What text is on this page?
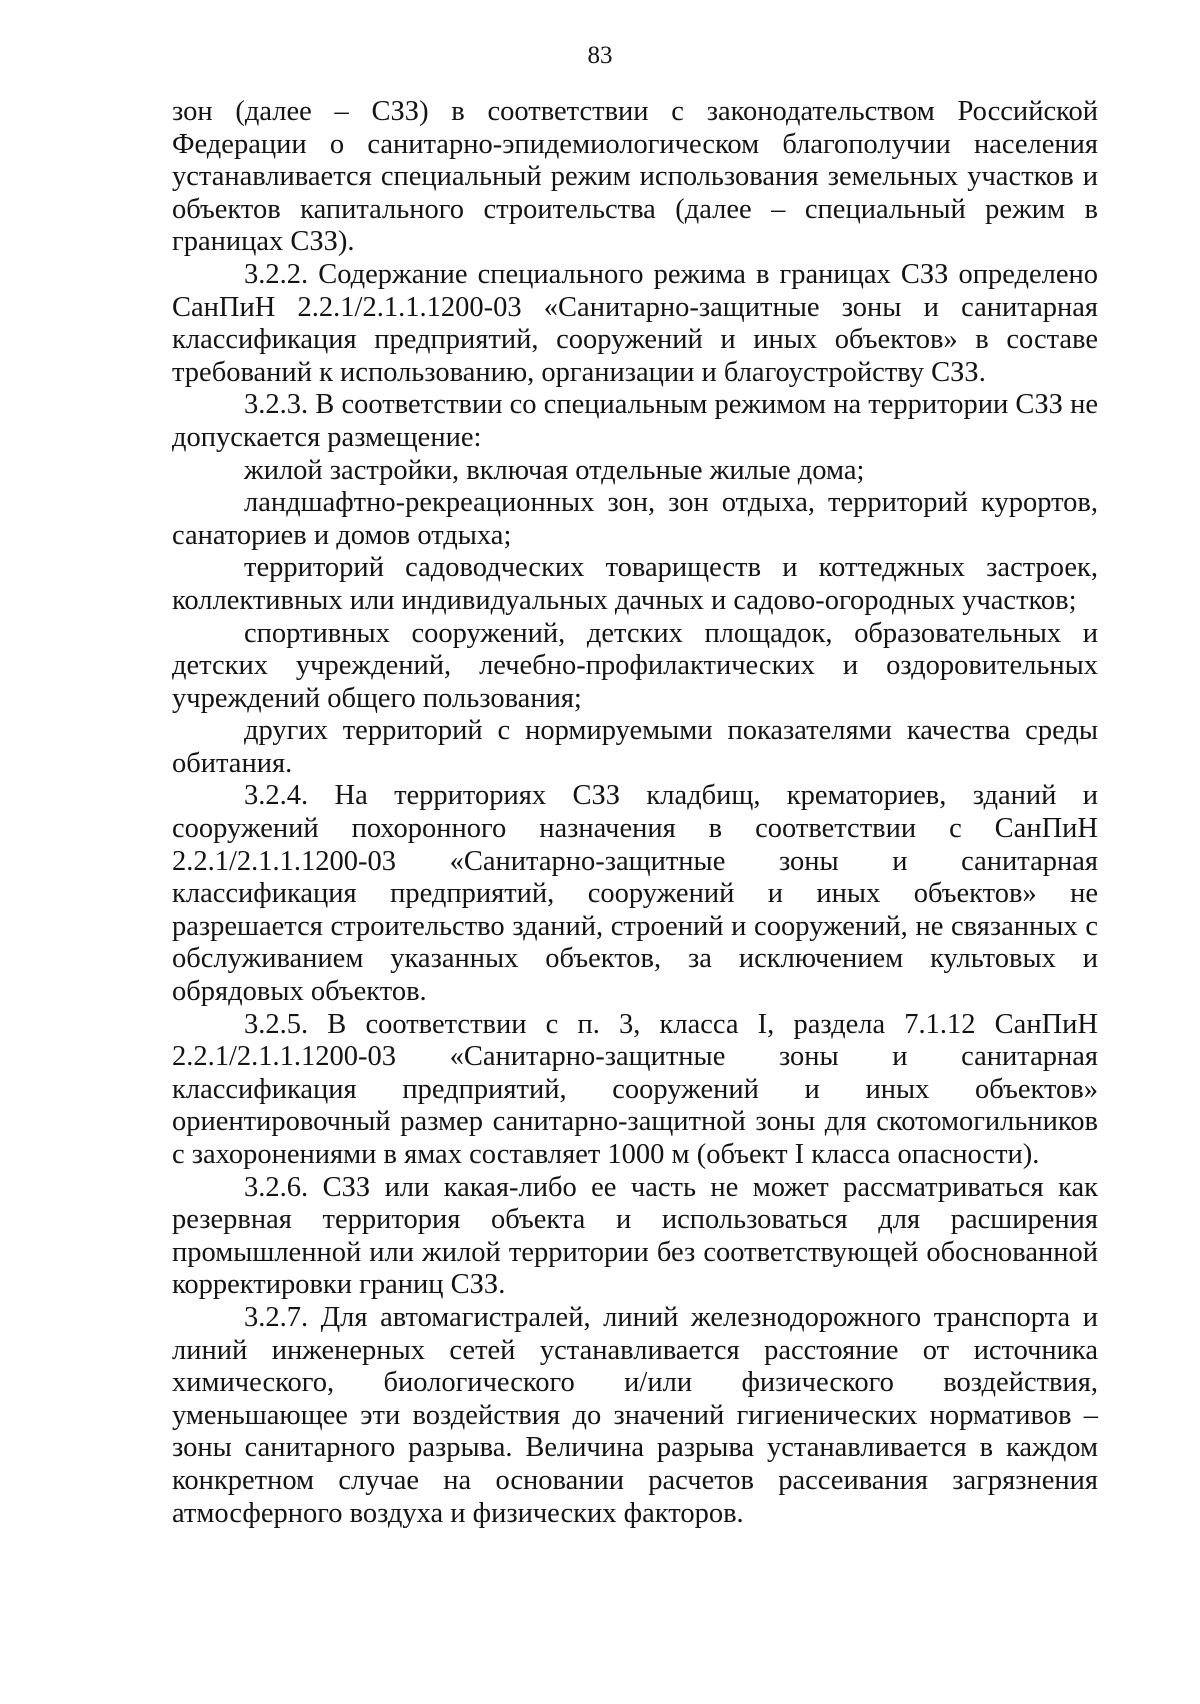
83

зон (далее – СЗЗ) в соответствии с законодательством Российской Федерации о санитарно-эпидемиологическом благополучии населения устанавливается специальный режим использования земельных участков и объектов капитального строительства (далее – специальный режим в границах СЗЗ).

3.2.2. Содержание специального режима в границах СЗЗ определено СанПиН 2.2.1/2.1.1.1200-03 «Санитарно-защитные зоны и санитарная классификация предприятий, сооружений и иных объектов» в составе требований к использованию, организации и благоустройству СЗЗ.

3.2.3. В соответствии со специальным режимом на территории СЗЗ не допускается размещение:

жилой застройки, включая отдельные жилые дома;

ландшафтно-рекреационных зон, зон отдыха, территорий курортов, санаториев и домов отдыха;

территорий садоводческих товариществ и коттеджных застроек, коллективных или индивидуальных дачных и садово-огородных участков;

спортивных сооружений, детских площадок, образовательных и детских учреждений, лечебно-профилактических и оздоровительных учреждений общего пользования;

других территорий с нормируемыми показателями качества среды обитания.

3.2.4. На территориях СЗЗ кладбищ, крематориев, зданий и сооружений похоронного назначения в соответствии с СанПиН 2.2.1/2.1.1.1200-03 «Санитарно-защитные зоны и санитарная классификация предприятий, сооружений и иных объектов» не разрешается строительство зданий, строений и сооружений, не связанных с обслуживанием указанных объектов, за исключением культовых и обрядовых объектов.

3.2.5. В соответствии с п. 3, класса I, раздела 7.1.12 СанПиН 2.2.1/2.1.1.1200-03 «Санитарно-защитные зоны и санитарная классификация предприятий, сооружений и иных объектов» ориентировочный размер санитарно-защитной зоны для скотомогильников с захоронениями в ямах составляет 1000 м (объект I класса опасности).

3.2.6. СЗЗ или какая-либо ее часть не может рассматриваться как резервная территория объекта и использоваться для расширения промышленной или жилой территории без соответствующей обоснованной корректировки границ СЗЗ.

3.2.7. Для автомагистралей, линий железнодорожного транспорта и линий инженерных сетей устанавливается расстояние от источника химического, биологического и/или физического воздействия, уменьшающее эти воздействия до значений гигиенических нормативов – зоны санитарного разрыва. Величина разрыва устанавливается в каждом конкретном случае на основании расчетов рассеивания загрязнения атмосферного воздуха и физических факторов.
